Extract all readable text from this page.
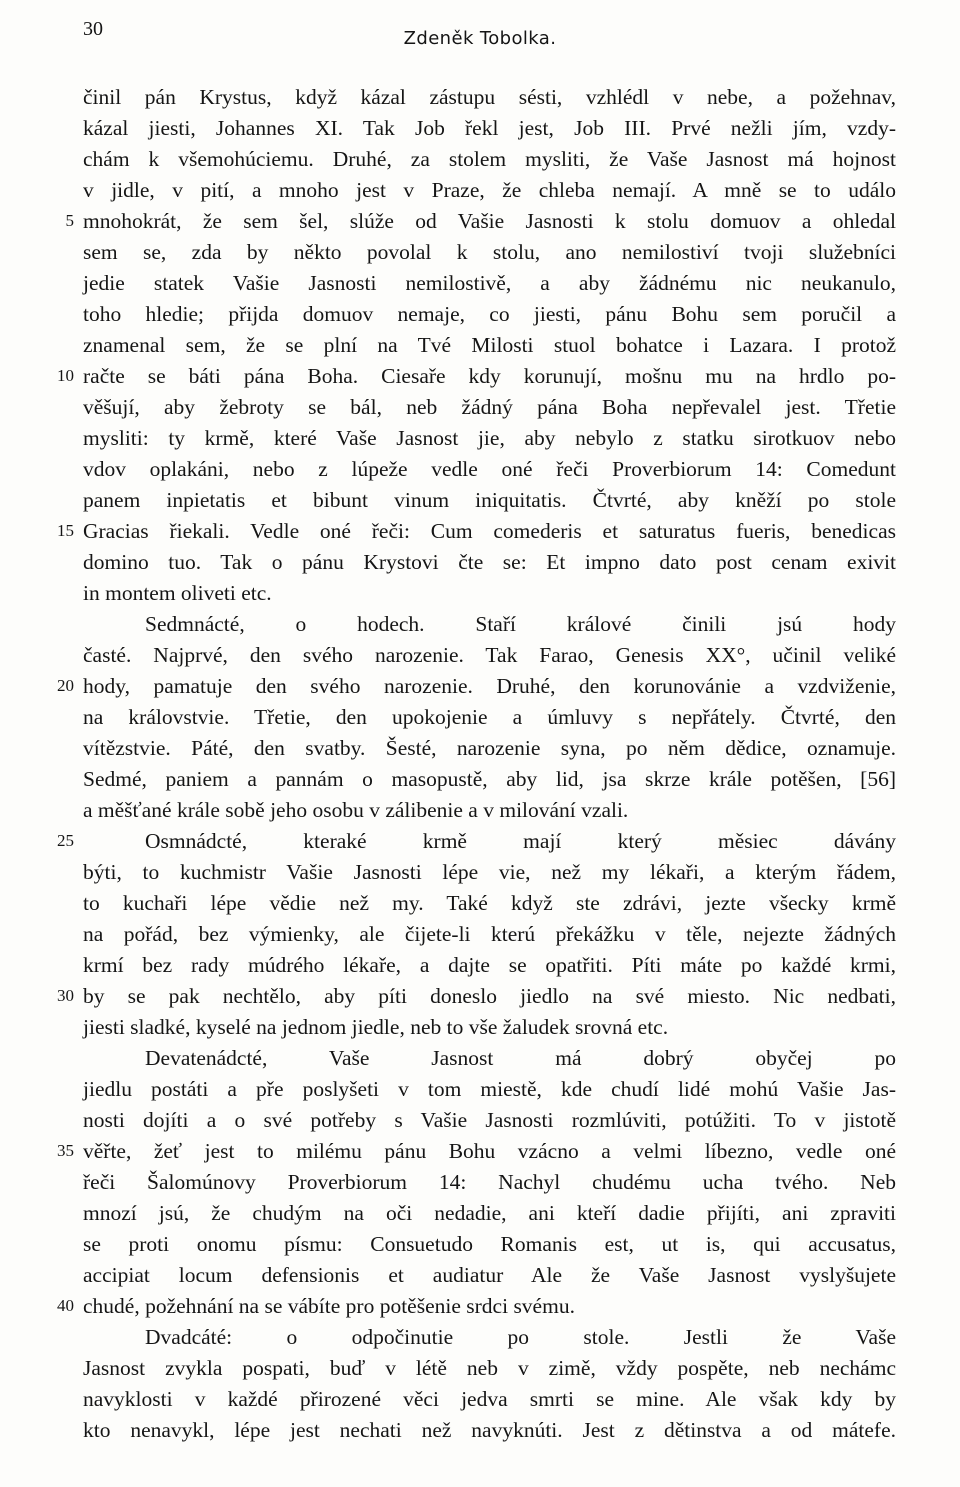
30	Zdeněk Tobolka.
činil pán Krystus, když kázal zástupu sésti, vzhlédl v nebe, a požehnav,
kázal jiesti, Johannes XI. Tak Job řekl jest, Job III. Prvé nežli jím, vzdy-
chám k všemohúciemu. Druhé, za stolem mysliti, že Vaše Jasnost má hojnost
v jidle, v pití, a mnoho jest v Praze, že chleba nemají. A mně se to událo
mnohokrát, že sem šel, slúže od Vašie Jasnosti k stolu domuov a ohledal
sem se, zda by někto povolal k stolu, ano nemilostiví tvoji služebníci
jedie statek Vašie Jasnosti nemilostivě, a aby žádnému nic neukanulo,
toho hledie; přijda domuov nemaje, co jiesti, pánu Bohu sem poručil a
znamenal sem, že se plní na Tvé Milosti stuol bohatce i Lazara. I protož
račte se báti pána Boha. Ciesaře kdy korunují, mošnu mu na hrdlo po-
věšují, aby žebroty se bál, neb žádný pána Boha nepřevalel jest. Třetie
mysliti: ty krmě, které Vaše Jasnost jie, aby nebylo z statku sirotkuov nebo
vdov oplakáni, nebo z lúpeže vedle oné řeči Proverbiorum 14: Comedunt
panem inpietatis et bibunt vinum iniquitatis. Čtvrté, aby kněží po stole
Gracias řiekali. Vedle oné řeči: Cum comederis et saturatus fueris, benedicas
domino tuo. Tak o pánu Krystovi čte se: Et impno dato post cenam exivit
in montem oliveti etc.
Sedmnácté, o hodech. Staří králové činili jsú hody
časté. Najprvé, den svého narozenie. Tak Farao, Genesis XX°, učinil veliké
hody, pamatuje den svého narozenie. Druhé, den korunovánie a vzdviženie,
na královstvie. Třetie, den upokojenie a úmluvy s nepřátely. Čtvrté, den
vítězstvie. Páté, den svatby. Šesté, narozenie syna, po něm dědice, oznamuje.
Sedmé, paniem a pannám o masopustě, aby lid, jsa skrze krále potěšen, [56]
a měšťané krále sobě jeho osobu v zálibenie a v milování vzali.
Osmnádcté, kteraké krmě mají který měsiec dávány
býti, to kuchmistr Vašie Jasnosti lépe vie, než my lékaři, a kterým řádem,
to kuchaři lépe vědie než my. Také když ste zdrávi, jezte všecky krmě
na pořád, bez výmienky, ale čijete-li kterú překážku v těle, nejezte žádných
krmí bez rady múdrého lékaře, a dajte se opatřiti. Píti máte po každé krmi,
by se pak nechtělo, aby píti doneslo jiedlo na své miesto. Nic nedbati,
jiesti sladké, kyselé na jednom jiedle, neb to vše žaludek srovná etc.
Devatenádcté, Vaše Jasnost má dobrý obyčej po
jiedlu postáti a pře poslyšeti v tom miestě, kde chudí lidé mohú Vašie Jas-
nosti dojíti a o své potřeby s Vašie Jasnosti rozmlúviti, potúžiti. To v jistotě
věřte, žeť jest to milému pánu Bohu vzácno a velmi líbezno, vedle oné
řeči Šalomúnovy Proverbiorum 14: Nachyl chudému ucha tvého. Neb
mnozí jsú, že chudým na oči nedadie, ani kteří dadie přijíti, ani zpraviti
se proti onomu písmu: Consuetudo Romanis est, ut is, qui accusatus,
accipiat locum defensionis et audiatur Ale že Vaše Jasnost vyslyšujete
chudé, požehnání na se vábíte pro potěšenie srdci svému.
Dvadcáté: o odpočinutie po stole. Jestli že Vaše
Jasnost zvykla pospati, buď v létě neb v zimě, vždy pospěte, neb nechámc
navyklosti v každé přirozené věci jedva smrti se mine. Ale však kdy by
kto nenavykl, lépe jest nechati než navyknúti. Jest z dětinstva a od mátefe.
5
10
15
20
25
30
35
40
